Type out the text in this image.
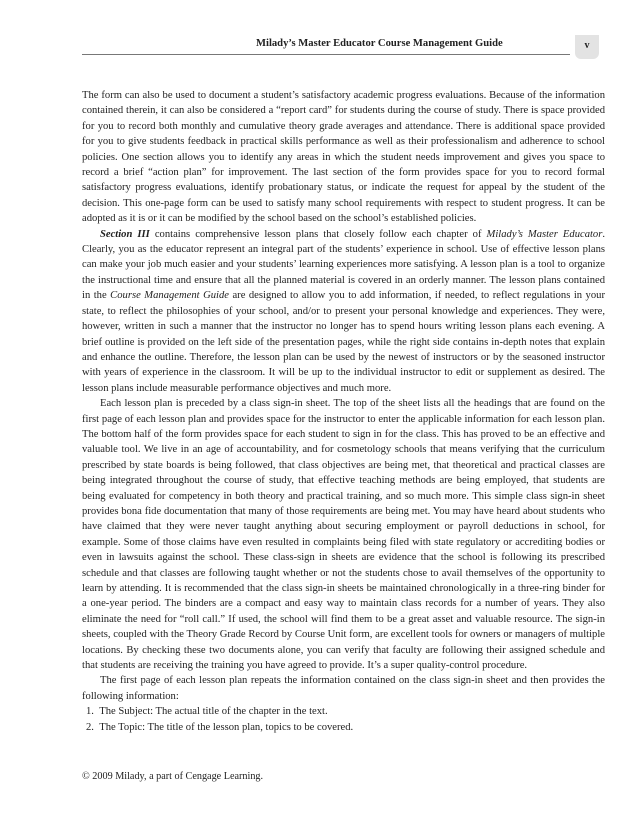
Milady’s Master Educator Course Management Guide	v

The form can also be used to document a student’s satisfactory academic progress evaluations. Because of the information contained therein, it can also be considered a “report card” for students during the course of study. There is space provided for you to record both monthly and cumulative theory grade averages and attendance. There is additional space provided for you to give students feedback in practical skills performance as well as their professionalism and adherence to school policies. One section allows you to identify any areas in which the student needs improvement and gives you space to record a brief “action plan” for improvement. The last section of the form provides space for you to record formal satisfactory progress evaluations, identify probationary status, or indicate the request for appeal by the student of the decision. This one-page form can be used to satisfy many school requirements with respect to student progress. It can be adopted as it is or it can be modified by the school based on the school’s established policies.

Section III contains comprehensive lesson plans that closely follow each chapter of Milady’s Master Educator. Clearly, you as the educator represent an integral part of the students’ experience in school. Use of effective lesson plans can make your job much easier and your students’ learning experiences more satisfying. A lesson plan is a tool to organize the instructional time and ensure that all the planned material is covered in an orderly manner. The lesson plans contained in the Course Management Guide are designed to allow you to add information, if needed, to reflect regulations in your state, to reflect the philosophies of your school, and/or to present your personal knowledge and experiences. They were, however, written in such a manner that the instructor no longer has to spend hours writing lesson plans each evening. A brief outline is provided on the left side of the presentation pages, while the right side contains in-depth notes that explain and enhance the outline. Therefore, the lesson plan can be used by the newest of instructors or by the seasoned instructor with years of experience in the classroom. It will be up to the individual instructor to edit or supplement as desired. The lesson plans include measurable performance objectives and much more.

Each lesson plan is preceded by a class sign-in sheet. The top of the sheet lists all the headings that are found on the first page of each lesson plan and provides space for the instructor to enter the applicable information for each lesson plan. The bottom half of the form provides space for each student to sign in for the class. This has proved to be an effective and valuable tool. We live in an age of accountability, and for cosmetology schools that means verifying that the curriculum prescribed by state boards is being followed, that class objectives are being met, that theoretical and practical classes are being integrated throughout the course of study, that effective teaching methods are being employed, that students are being evaluated for competency in both theory and practical training, and so much more. This simple class sign-in sheet provides bona fide documentation that many of those requirements are being met. You may have heard about students who have claimed that they were never taught anything about securing employment or payroll deductions in school, for example. Some of those claims have even resulted in complaints being filed with state regulatory or accrediting bodies or even in lawsuits against the school. These class-sign in sheets are evidence that the school is following its prescribed schedule and that classes are following taught whether or not the students chose to avail themselves of the opportunity to learn by attending. It is recommended that the class sign-in sheets be maintained chronologically in a three-ring binder for a one-year period. The binders are a compact and easy way to maintain class records for a number of years. They also eliminate the need for “roll call.” If used, the school will find them to be a great asset and valuable resource. The sign-in sheets, coupled with the Theory Grade Record by Course Unit form, are excellent tools for owners or managers of multiple locations. By checking these two documents alone, you can verify that faculty are following their assigned schedule and that students are receiving the training you have agreed to provide. It’s a super quality-control procedure.

The first page of each lesson plan repeats the information contained on the class sign-in sheet and then provides the following information:

1.  The Subject: The actual title of the chapter in the text.
2.  The Topic: The title of the lesson plan, topics to be covered.
© 2009 Milady, a part of Cengage Learning.
